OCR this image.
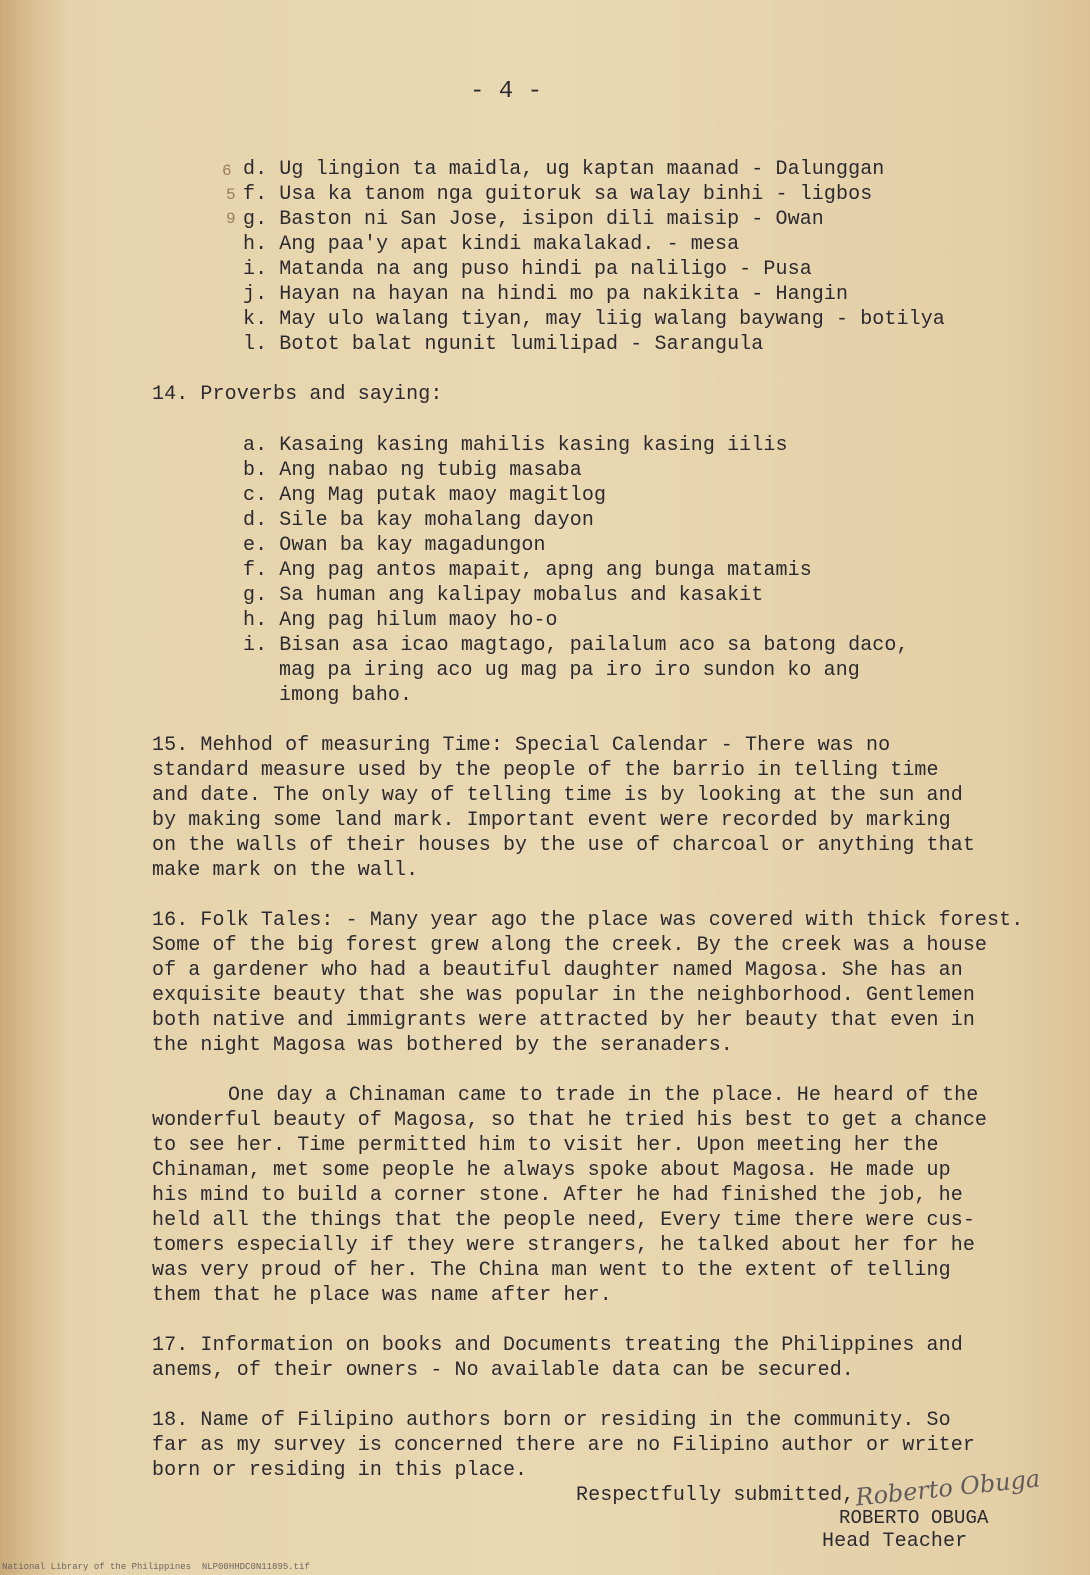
- 4 -
6
5
9
d. Ug lingion ta maidla, ug kaptan maanad - Dalunggan
f. Usa ka tanom nga guitoruk sa walay binhi - ligbos
g. Baston ni San Jose, isipon dili maisip - Owan
h. Ang paa'y apat kindi makalakad. - mesa
i. Matanda na ang puso hindi pa naliligo - Pusa
j. Hayan na hayan na hindi mo pa nakikita - Hangin
k. May ulo walang tiyan, may liig walang baywang - botilya
l. Botot balat ngunit lumilipad - Sarangula
14. Proverbs and saying:
a. Kasaing kasing mahilis kasing kasing iilis
b. Ang nabao ng tubig masaba
c. Ang Mag putak maoy magitlog
d. Sile ba kay mohalang dayon
e. Owan ba kay magadungon
f. Ang pag antos mapait, apng ang bunga matamis
g. Sa human ang kalipay mobalus and kasakit
h. Ang pag hilum maoy ho-o
i. Bisan asa icao magtago, pailalum aco sa batong daco,
mag pa iring aco ug mag pa iro iro sundon ko ang
imong baho.
15. Mehhod of measuring Time: Special Calendar - There was no
standard measure used by the people of the barrio in telling time
and date. The only way of telling time is by looking at the sun and
by making some land mark. Important event were recorded by marking
on the walls of their houses by the use of charcoal or anything that
make mark on the wall.
16. Folk Tales: - Many year ago the place was covered with thick forest.
Some of the big forest grew along the creek. By the creek was a house
of a gardener who had a beautiful daughter named Magosa. She has an
exquisite beauty that she was popular in the neighborhood. Gentlemen
both native and immigrants were attracted by her beauty that even in
the night Magosa was bothered by the seranaders.
One day a Chinaman came to trade in the place. He heard of the
wonderful beauty of Magosa, so that he tried his best to get a chance
to see her. Time permitted him to visit her. Upon meeting her the
Chinaman, met some people he always spoke about Magosa. He made up
his mind to build a corner stone. After he had finished the job, he
held all the things that the people need, Every time there were cus-
tomers especially if they were strangers, he talked about her for he
was very proud of her. The China man went to the extent of telling
them that he place was name after her.
17. Information on books and Documents treating the Philippines and
anems, of their owners - No available data can be secured.
18. Name of Filipino authors born or residing in the community. So
far as my survey is concerned there are no Filipino author or writer
born or residing in this place.
Respectfully submitted, Roberto Obuga
ROBERTO OBUGA
Head Teacher
National Library of the Philippines  NLP00HHDC0N11895.tif
